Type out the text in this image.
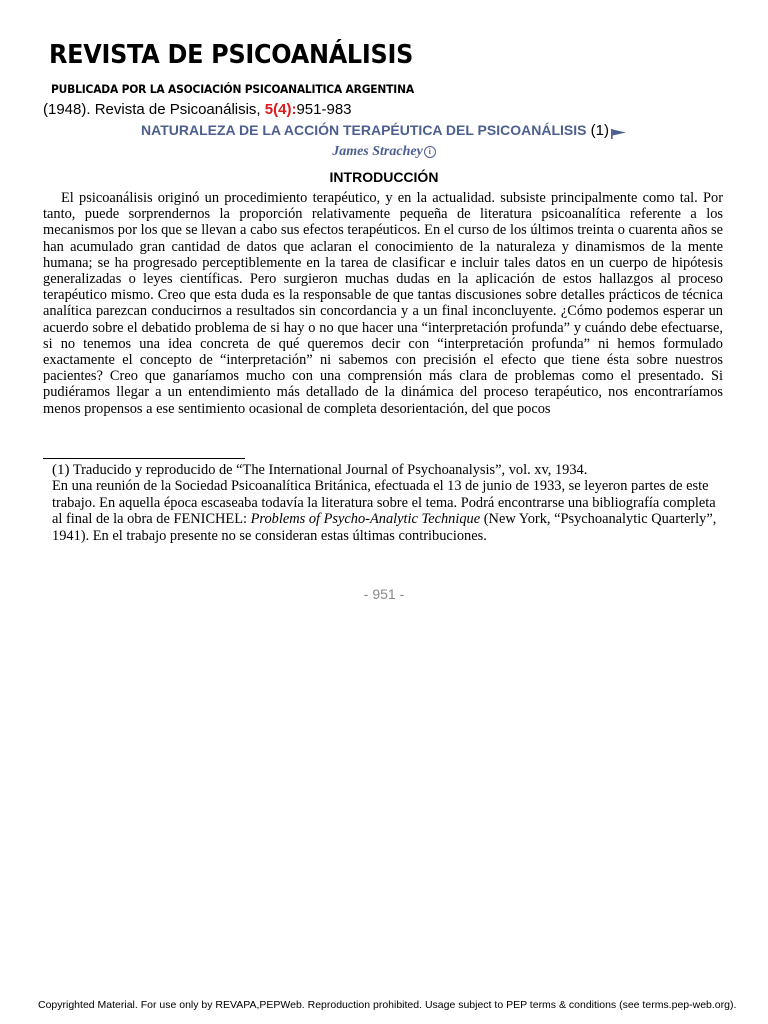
REVISTA DE PSICOANÁLISIS
PUBLICADA POR LA ASOCIACIÓN PSICOANALITICA ARGENTINA
(1948). Revista de Psicoanálisis, 5(4):951-983
NATURALEZA DE LA ACCIÓN TERAPÉUTICA DEL PSICOANÁLISIS (1)
James Strachey i
INTRODUCCIÓN
El psicoanálisis originó un procedimiento terapéutico, y en la actualidad. subsiste principalmente como tal. Por tanto, puede sorprendernos la proporción relativamente pequeña de literatura psicoanalítica referente a los mecanismos por los que se llevan a cabo sus efectos terapéuticos. En el curso de los últimos treinta o cuarenta años se han acumulado gran cantidad de datos que aclaran el conocimiento de la naturaleza y dinamismos de la mente humana; se ha progresado perceptiblemente en la tarea de clasificar e incluir tales datos en un cuerpo de hipótesis generalizadas o leyes científicas. Pero surgieron muchas dudas en la aplicación de estos hallazgos al proceso terapéutico mismo. Creo que esta duda es la responsable de que tantas discusiones sobre detalles prácticos de técnica analítica parezcan conducirnos a resultados sin concordancia y a un final inconcluyente. ¿Cómo podemos esperar un acuerdo sobre el debatido problema de si hay o no que hacer una “interpretación profunda” y cuándo debe efectuarse, si no tenemos una idea concreta de qué queremos decir con “interpretación profunda” ni hemos formulado exactamente el concepto de “interpretación” ni sabemos con precisión el efecto que tiene ésta sobre nuestros pacientes? Creo que ganaríamos mucho con una comprensión más clara de problemas como el presentado. Si pudiéramos llegar a un entendimiento más detallado de la dinámica del proceso terapéutico, nos encontraríamos menos propensos a ese sentimiento ocasional de completa desorientación, del que pocos
(1) Traducido y reproducido de “The International Journal of Psychoanalysis”, vol. xv, 1934.
En una reunión de la Sociedad Psicoanalítica Británica, efectuada el 13 de junio de 1933, se leyeron partes de este trabajo. En aquella época escaseaba todavía la literatura sobre el tema. Podrá encontrarse una bibliografía completa al final de la obra de FENICHEL: Problems of Psycho-Analytic Technique (New York, “Psychoanalytic Quarterly”, 1941). En el trabajo presente no se consideran estas últimas contribuciones.
- 951 -
Copyrighted Material. For use only by REVAPA,PEPWeb. Reproduction prohibited. Usage subject to PEP terms & conditions (see terms.pep-web.org).
